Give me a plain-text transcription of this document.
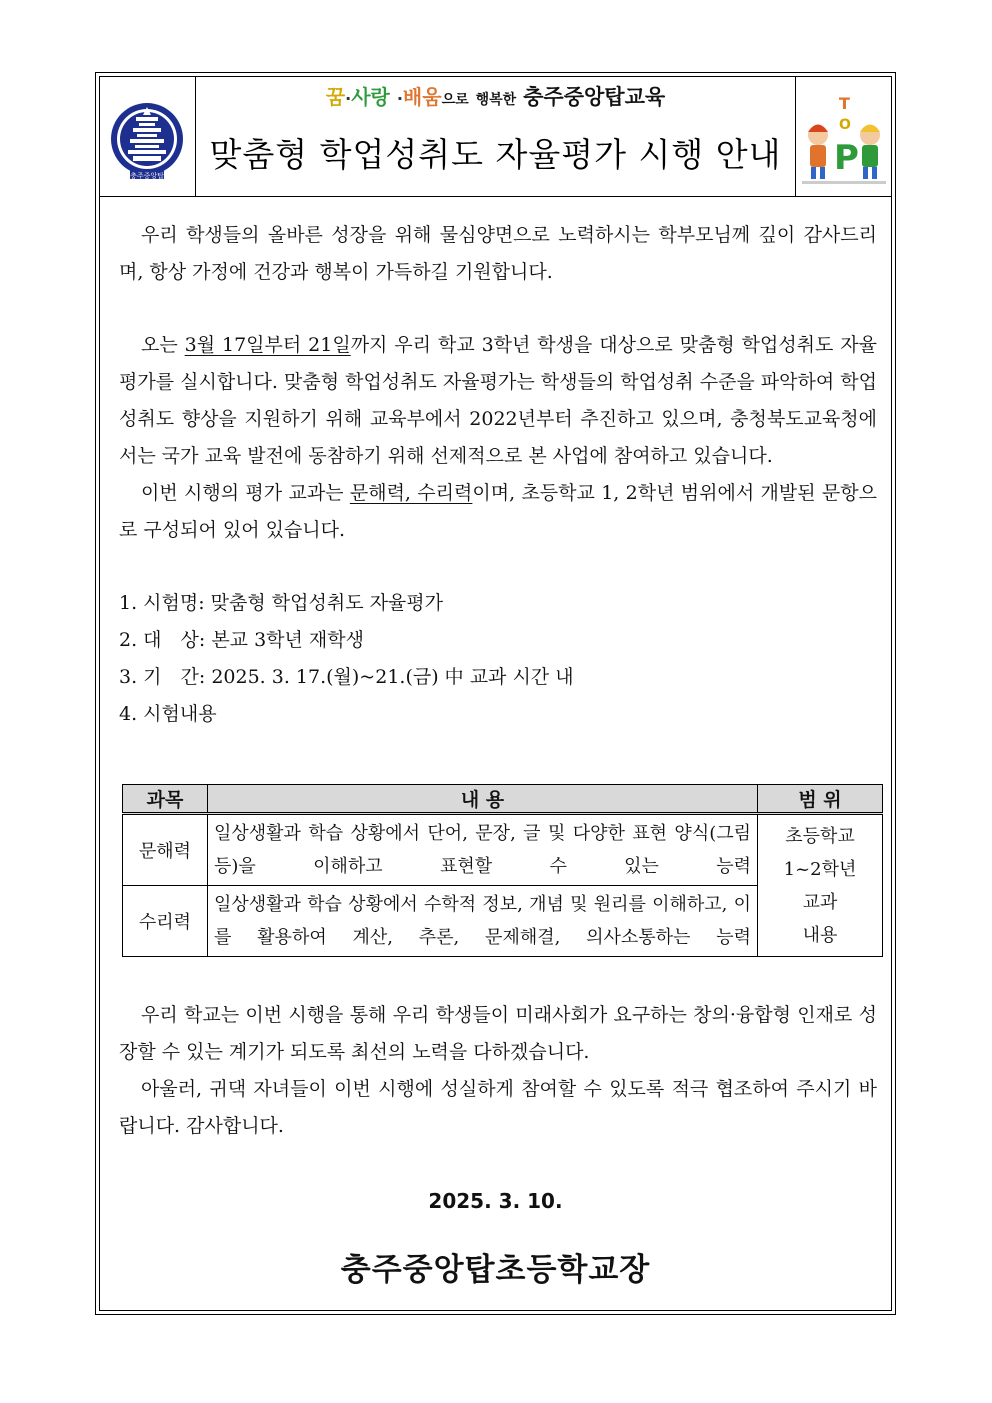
충주중앙탑
꿈·사랑 ·배움으로 행복한 충주중앙탑교육
맞춤형 학업성취도 자율평가 시행 안내
T
O
P

우리 학생들의 올바른 성장을 위해 물심양면으로 노력하시는 학부모님께 깊이 감사드리며, 항상 가정에 건강과 행복이 가득하길 기원합니다.

오는 3월 17일부터 21일까지 우리 학교 3학년 학생을 대상으로 맞춤형 학업성취도 자율평가를 실시합니다. 맞춤형 학업성취도 자율평가는 학생들의 학업성취 수준을 파악하여 학업성취도 향상을 지원하기 위해 교육부에서 2022년부터 추진하고 있으며, 충청북도교육청에서는 국가 교육 발전에 동참하기 위해 선제적으로 본 사업에 참여하고 있습니다.

이번 시행의 평가 교과는 문해력, 수리력이며, 초등학교 1, 2학년 범위에서 개발된 문항으로 구성되어 있어 있습니다.

1. 시험명: 맞춤형 학업성취도 자율평가

2. 대　상: 본교 3학년 재학생

3. 기　간: 2025. 3. 17.(월)~21.(금) 中 교과 시간 내

4. 시험내용

과목	내 용	범 위
문해력	일상생활과 학습 상황에서 단어, 문장, 글 및 다양한 표현 양식(그림 등)을 이해하고 표현할 수 있는 능력	초등학교
1~2학년
교과
내용

수리력	일상생활과 학습 상황에서 수학적 정보, 개념 및 원리를 이해하고, 이를 활용하여 계산, 추론, 문제해결, 의사소통하는 능력	

우리 학교는 이번 시행을 통해 우리 학생들이 미래사회가 요구하는 창의·융합형 인재로 성장할 수 있는 계기가 되도록 최선의 노력을 다하겠습니다.

아울러, 귀댁 자녀들이 이번 시행에 성실하게 참여할 수 있도록 적극 협조하여 주시기 바랍니다. 감사합니다.

2025. 3. 10.
충주중앙탑초등학교장
